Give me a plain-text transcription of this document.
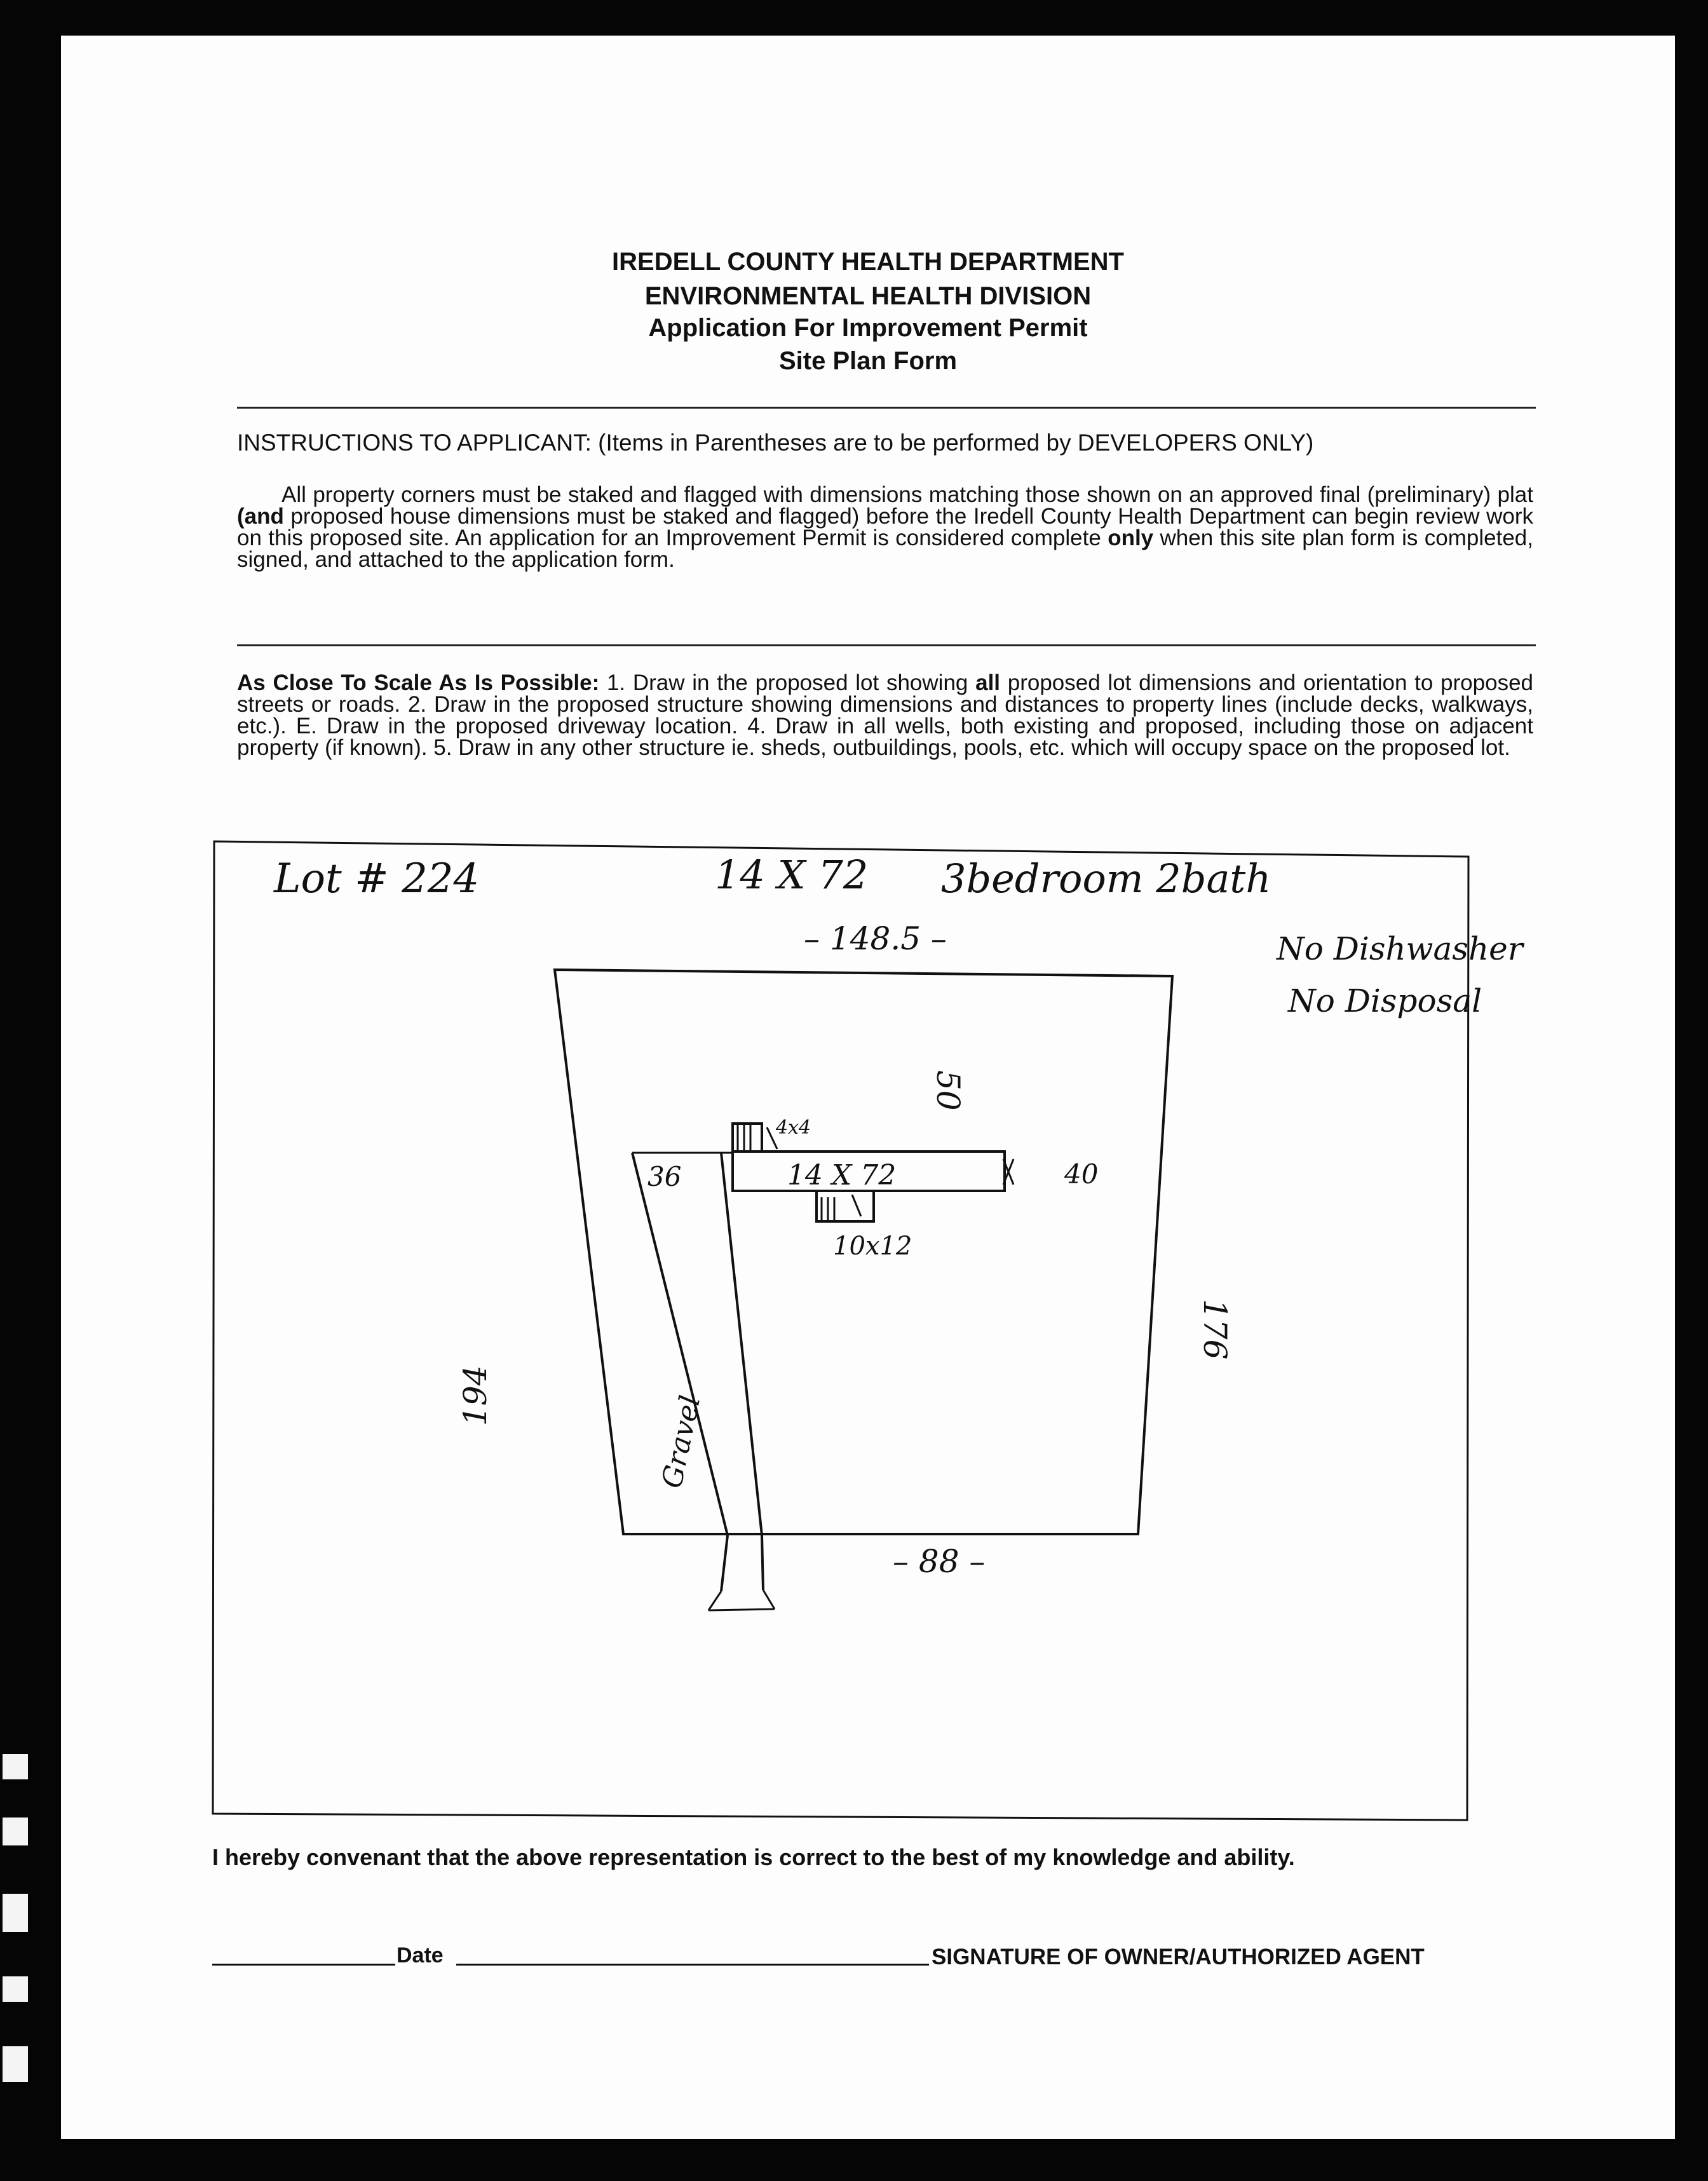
IREDELL COUNTY HEALTH DEPARTMENT
ENVIRONMENTAL HEALTH DIVISION
Application For Improvement Permit
Site Plan Form
INSTRUCTIONS TO APPLICANT: (Items in Parentheses are to be performed by DEVELOPERS ONLY)
All property corners must be staked and flagged with dimensions matching those shown on an approved final (preliminary) plat (and proposed house dimensions must be staked and flagged) before the Iredell County Health Department can begin review work on this proposed site. An application for an Improvement Permit is considered complete only when this site plan form is completed, signed, and attached to the application form.
As Close To Scale As Is Possible: 1. Draw in the proposed lot showing all proposed lot dimensions and orientation to proposed streets or roads. 2. Draw in the proposed structure showing dimensions and distances to property lines (include decks, walkways, etc.). E. Draw in the proposed driveway location. 4. Draw in all wells, both existing and proposed, including those on adjacent property (if known). 5. Draw in any other structure ie. sheds, outbuildings, pools, etc. which will occupy space on the proposed lot.
Lot # 224	14 X 72 3bedroom 2bath
No Dishwasher
No Disposal
– 148.5 –
14 X 72
4x4
10x12
50
36	40
194
176
– 88 –
Gravel
I hereby convenant that the above representation is correct to the best of my knowledge and ability.
Date	SIGNATURE OF OWNER/AUTHORIZED AGENT
